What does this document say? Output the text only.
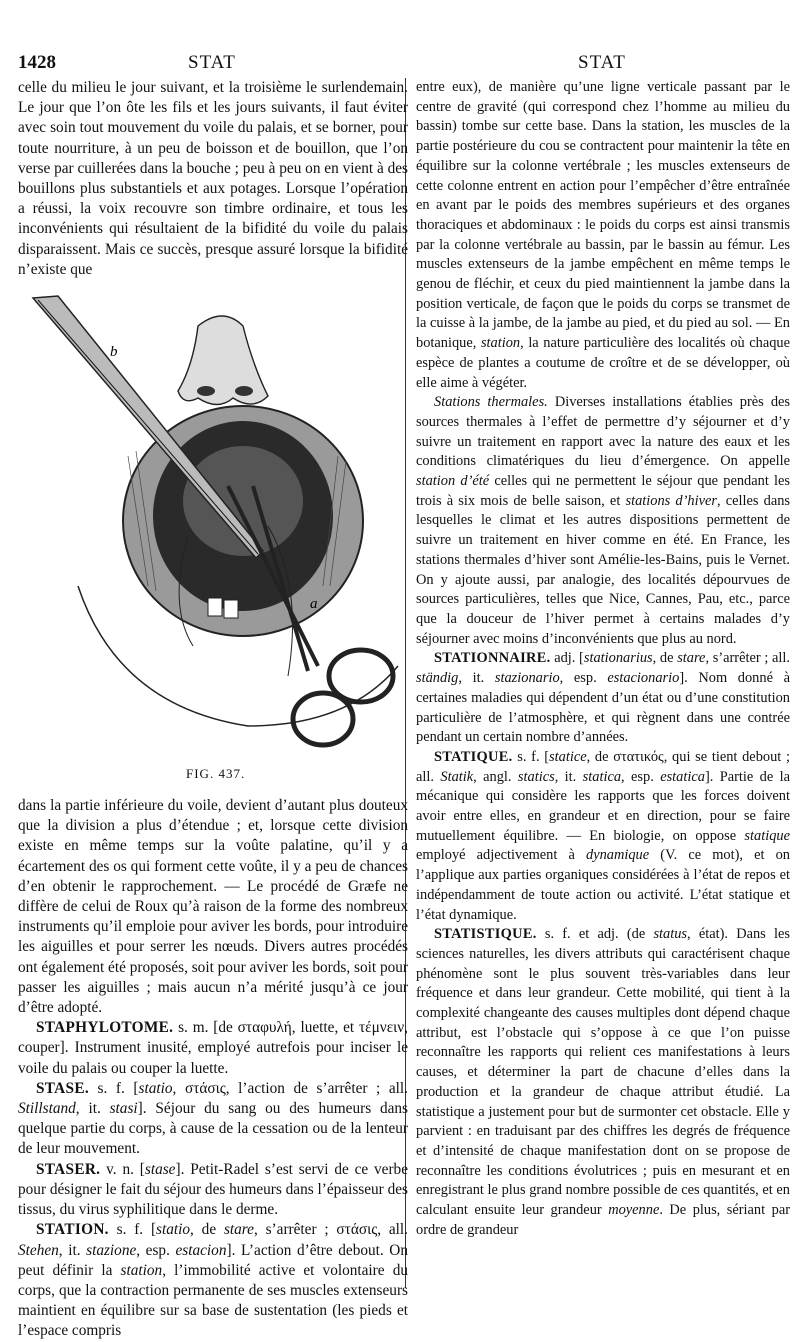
1428	STAT	STAT

celle du milieu le jour suivant, et la troisième le surlendemain. Le jour que l’on ôte les fils et les jours suivants, il faut éviter avec soin tout mouvement du voile du palais, et se borner, pour toute nourriture, à un peu de boisson et de bouillon, que l’on verse par cuillerées dans la bouche ; peu à peu on en vient à des bouillons plus substantiels et aux potages. Lorsque l’opération a réussi, la voix recouvre son timbre ordinaire, et tous les inconvénients qui résultaient de la bifidité du voile du palais disparaissent. Mais ce succès, presque assuré lorsque la bifidité n’existe que

b
a
FIG. 437.

dans la partie inférieure du voile, devient d’autant plus douteux que la division a plus d’étendue ; et, lorsque cette division existe en même temps sur la voûte palatine, qu’il y a écartement des os qui forment cette voûte, il y a peu de chances d’en obtenir le rapprochement. — Le procédé de Græfe ne diffère de celui de Roux qu’à raison de la forme des nombreux instruments qu’il emploie pour aviver les bords, pour introduire les aiguilles et pour serrer les nœuds. Divers autres procédés ont également été proposés, soit pour aviver les bords, soit pour passer les aiguilles ; mais aucun n’a mérité jusqu’à ce jour d’être adopté.

STAPHYLOTOME. s. m. [de σταφυλή, luette, et τέμνειν, couper]. Instrument inusité, employé autrefois pour inciser le voile du palais ou couper la luette.

STASE. s. f. [statio, στάσις, l’action de s’arrêter ; all. Stillstand, it. stasi]. Séjour du sang ou des humeurs dans quelque partie du corps, à cause de la cessation ou de la lenteur de leur mouvement.

STASER. v. n. [stase]. Petit-Radel s’est servi de ce verbe pour désigner le fait du séjour des humeurs dans l’épaisseur des tissus, du virus syphilitique dans le derme.

STATION. s. f. [statio, de stare, s’arrêter ; στάσις, all. Stehen, it. stazione, esp. estacion]. L’action d’être debout. On peut définir la station, l’immobilité active et volontaire du corps, que la contraction permanente de ses muscles extenseurs maintient en équilibre sur sa base de sustentation (les pieds et l’espace compris

entre eux), de manière qu’une ligne verticale passant par le centre de gravité (qui correspond chez l’homme au milieu du bassin) tombe sur cette base. Dans la station, les muscles de la partie postérieure du cou se contractent pour maintenir la tête en équilibre sur la colonne vertébrale ; les muscles extenseurs de cette colonne entrent en action pour l’empêcher d’être entraînée en avant par le poids des membres supérieurs et des organes thoraciques et abdominaux : le poids du corps est ainsi transmis par la colonne vertébrale au bassin, par le bassin au fémur. Les muscles extenseurs de la jambe empêchent en même temps le genou de fléchir, et ceux du pied maintiennent la jambe dans la position verticale, de façon que le poids du corps se transmet de la cuisse à la jambe, de la jambe au pied, et du pied au sol. — En botanique, station, la nature particulière des localités où chaque espèce de plantes a coutume de croître et de se développer, où elle aime à végéter.

Stations thermales. Diverses installations établies près des sources thermales à l’effet de permettre d’y séjourner et d’y suivre un traitement en rapport avec la nature des eaux et les conditions climatériques du lieu d’émergence. On appelle station d’été celles qui ne permettent le séjour que pendant les trois à six mois de belle saison, et stations d’hiver, celles dans lesquelles le climat et les autres dispositions permettent de suivre un traitement en hiver comme en été. En France, les stations thermales d’hiver sont Amélie-les-Bains, puis le Vernet. On y ajoute aussi, par analogie, des localités dépourvues de sources particulières, telles que Nice, Cannes, Pau, etc., parce que la douceur de l’hiver permet à certains malades d’y séjourner avec moins d’inconvénients que plus au nord.

STATIONNAIRE. adj. [stationarius, de stare, s’arrêter ; all. ständig, it. stazionario, esp. estacionario]. Nom donné à certaines maladies qui dépendent d’un état ou d’une constitution particulière de l’atmosphère, et qui règnent dans une contrée pendant un certain nombre d’années.

STATIQUE. s. f. [statice, de στατικός, qui se tient debout ; all. Statik, angl. statics, it. statica, esp. estatica]. Partie de la mécanique qui considère les rapports que les forces doivent avoir entre elles, en grandeur et en direction, pour se faire mutuellement équilibre. — En biologie, on oppose statique employé adjectivement à dynamique (V. ce mot), et on l’applique aux parties organiques considérées à l’état de repos et indépendamment de toute action ou activité. L’état statique et l’état dynamique.

STATISTIQUE. s. f. et adj. (de status, état). Dans les sciences naturelles, les divers attributs qui caractérisent chaque phénomène sont le plus souvent très-variables dans leur fréquence et dans leur grandeur. Cette mobilité, qui tient à la complexité changeante des causes multiples dont dépend chaque attribut, est l’obstacle qui s’oppose à ce que l’on puisse reconnaître les rapports qui relient ces manifestations à leurs causes, et déterminer la part de chacune d’elles dans la production et la grandeur de chaque attribut étudié. La statistique a justement pour but de surmonter cet obstacle. Elle y parvient : en traduisant par des chiffres les degrés de fréquence et d’intensité de chaque manifestation dont on se propose de reconnaître les conditions évolutrices ; puis en mesurant et en enregistrant le plus grand nombre possible de ces quantités, et en calculant ensuite leur grandeur moyenne. De plus, sériant par ordre de grandeur
